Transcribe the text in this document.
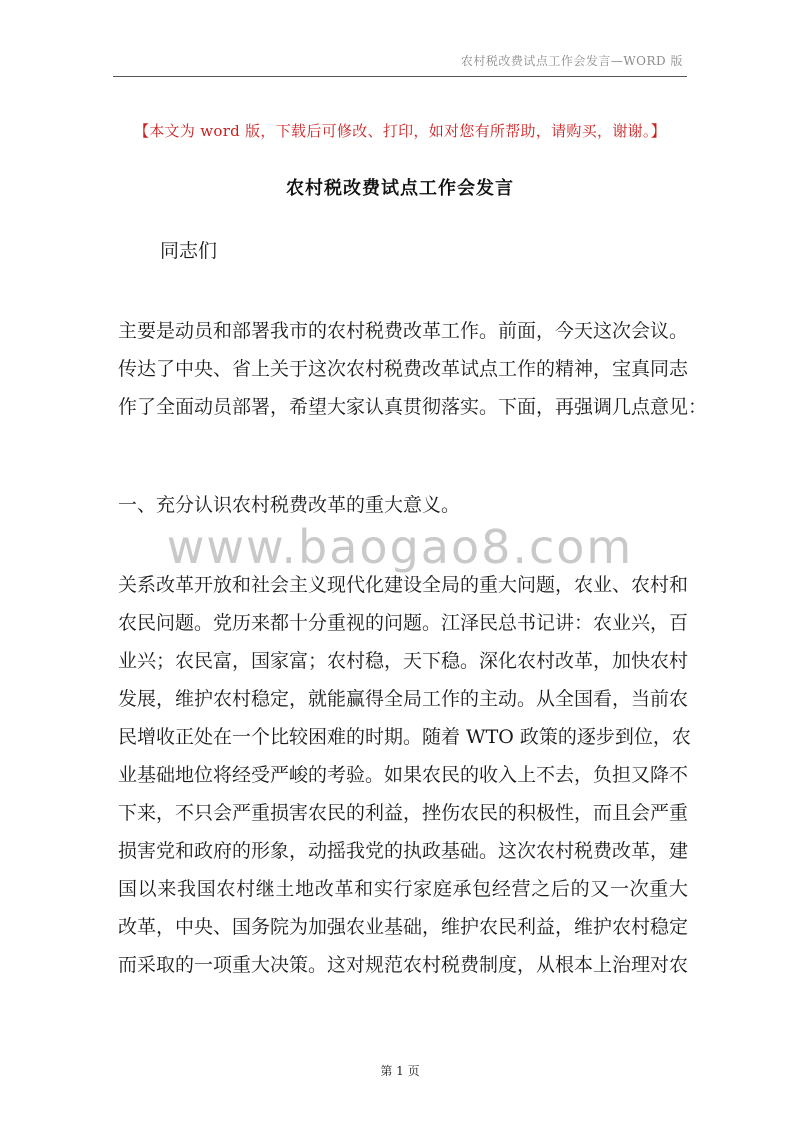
农村税改费试点工作会发言—WORD 版
【本文为 word 版，下载后可修改、打印，如对您有所帮助，请购买，谢谢。】
农村税改费试点工作会发言
同志们
主要是动员和部署我市的农村税费改革工作。前面，今天这次会议。
传达了中央、省上关于这次农村税费改革试点工作的精神，宝真同志
作了全面动员部署，希望大家认真贯彻落实。下面，再强调几点意见：
一、充分认识农村税费改革的重大意义。
www.baogao8.com
关系改革开放和社会主义现代化建设全局的重大问题，农业、农村和
农民问题。党历来都十分重视的问题。江泽民总书记讲：农业兴，百
业兴；农民富，国家富；农村稳，天下稳。深化农村改革，加快农村
发展，维护农村稳定，就能赢得全局工作的主动。从全国看，当前农
民增收正处在一个比较困难的时期。随着 WTO 政策的逐步到位，农
业基础地位将经受严峻的考验。如果农民的收入上不去，负担又降不
下来，不只会严重损害农民的利益，挫伤农民的积极性，而且会严重
损害党和政府的形象，动摇我党的执政基础。这次农村税费改革，建
国以来我国农村继土地改革和实行家庭承包经营之后的又一次重大
改革，中央、国务院为加强农业基础，维护农民利益，维护农村稳定
而采取的一项重大决策。这对规范农村税费制度，从根本上治理对农
第 1 页
